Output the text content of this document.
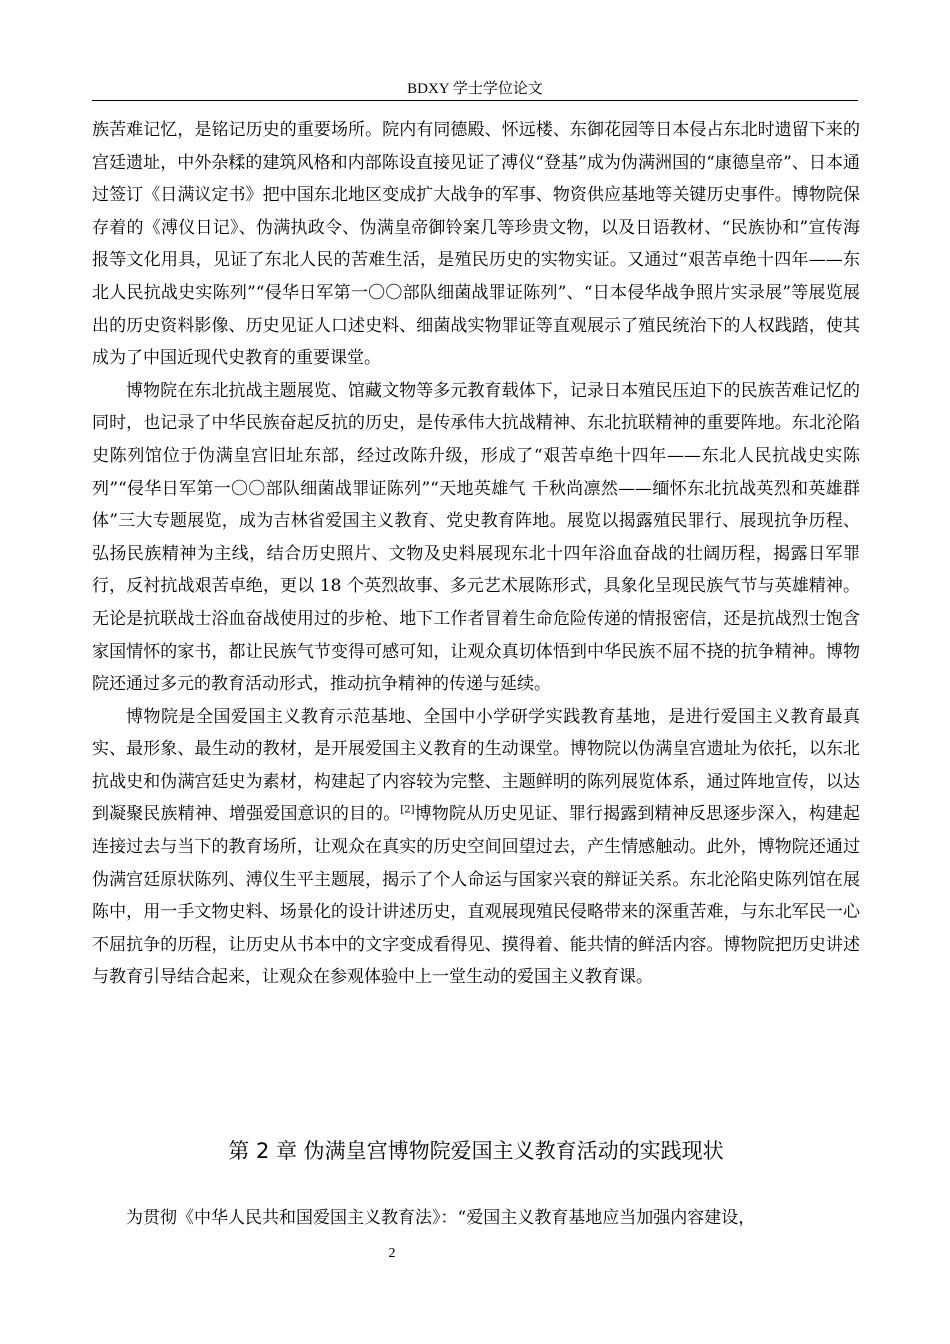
BDXY 学士学位论文

族苦难记忆，是铭记历史的重要场所。院内有同德殿、怀远楼、东御花园等日本侵占东北时遗留下来的宫廷遗址，中外杂糅的建筑风格和内部陈设直接见证了溥仪“登基”成为伪满洲国的“康德皇帝”、日本通过签订《日满议定书》把中国东北地区变成扩大战争的军事、物资供应基地等关键历史事件。博物院保存着的《溥仪日记》、伪满执政令、伪满皇帝御铃案几等珍贵文物，以及日语教材、“民族协和”宣传海报等文化用具，见证了东北人民的苦难生活，是殖民历史的实物实证。又通过“艰苦卓绝十四年——东北人民抗战史实陈列”“侵华日军第一〇〇部队细菌战罪证陈列”、“日本侵华战争照片实录展”等展览展出的历史资料影像、历史见证人口述史料、细菌战实物罪证等直观展示了殖民统治下的人权践踏，使其成为了中国近现代史教育的重要课堂。

博物院在东北抗战主题展览、馆藏文物等多元教育载体下，记录日本殖民压迫下的民族苦难记忆的同时，也记录了中华民族奋起反抗的历史，是传承伟大抗战精神、东北抗联精神的重要阵地。东北沦陷史陈列馆位于伪满皇宫旧址东部，经过改陈升级，形成了“艰苦卓绝十四年——东北人民抗战史实陈列”“侵华日军第一〇〇部队细菌战罪证陈列”“天地英雄气 千秋尚凛然——缅怀东北抗战英烈和英雄群体”三大专题展览，成为吉林省爱国主义教育、党史教育阵地。展览以揭露殖民罪行、展现抗争历程、弘扬民族精神为主线，结合历史照片、文物及史料展现东北十四年浴血奋战的壮阔历程，揭露日军罪行，反衬抗战艰苦卓绝，更以 18 个英烈故事、多元艺术展陈形式，具象化呈现民族气节与英雄精神。无论是抗联战士浴血奋战使用过的步枪、地下工作者冒着生命危险传递的情报密信，还是抗战烈士饱含家国情怀的家书，都让民族气节变得可感可知，让观众真切体悟到中华民族不屈不挠的抗争精神。博物院还通过多元的教育活动形式，推动抗争精神的传递与延续。

博物院是全国爱国主义教育示范基地、全国中小学研学实践教育基地，是进行爱国主义教育最真实、最形象、最生动的教材，是开展爱国主义教育的生动课堂。博物院以伪满皇宫遗址为依托，以东北抗战史和伪满宫廷史为素材，构建起了内容较为完整、主题鲜明的陈列展览体系，通过阵地宣传，以达到凝聚民族精神、增强爱国意识的目的。[2]博物院从历史见证、罪行揭露到精神反思逐步深入，构建起连接过去与当下的教育场所，让观众在真实的历史空间回望过去，产生情感触动。此外，博物院还通过伪满宫廷原状陈列、溥仪生平主题展，揭示了个人命运与国家兴衰的辩证关系。东北沦陷史陈列馆在展陈中，用一手文物史料、场景化的设计讲述历史，直观展现殖民侵略带来的深重苦难，与东北军民一心不屈抗争的历程，让历史从书本中的文字变成看得见、摸得着、能共情的鲜活内容。博物院把历史讲述与教育引导结合起来，让观众在参观体验中上一堂生动的爱国主义教育课。

第 2 章 伪满皇宫博物院爱国主义教育活动的实践现状
为贯彻《中华人民共和国爱国主义教育法》：“爱国主义教育基地应当加强内容建设，
2
